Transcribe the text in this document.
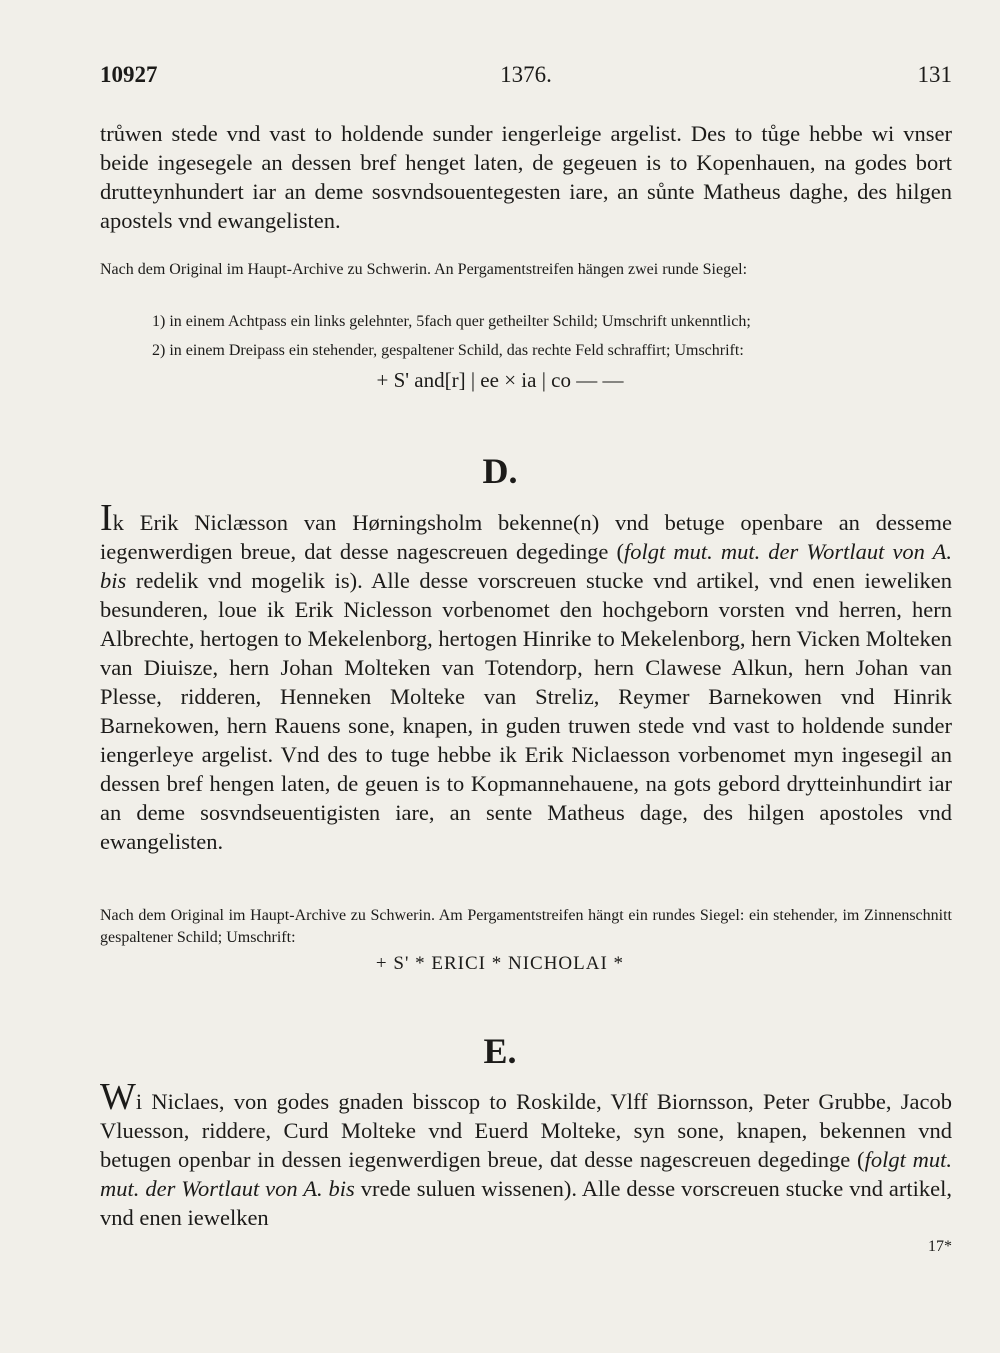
10927	1376.	131
trůwen stede vnd vast to holdende sunder iengerleige argelist. Des to tůge hebbe wi vnser beide ingesegele an dessen bref henget laten, de gegeuen is to Kopenhauen, na godes bort drutteynhundert iar an deme sosvndsouentegesten iare, an sůnte Matheus daghe, des hilgen apostels vnd ewangelisten.
Nach dem Original im Haupt-Archive zu Schwerin. An Pergamentstreifen hängen zwei runde Siegel:
1) in einem Achtpass ein links gelehnter, 5fach quer getheilter Schild; Umschrift unkenntlich;
2) in einem Dreipass ein stehender, gespaltener Schild, das rechte Feld schraffirt; Umschrift:
+ S' and[r] | ee × ia | co — —
D.

Ik Erik Niclæsson van Hørningsholm bekenne(n) vnd betuge openbare an desseme iegenwerdigen breue, dat desse nagescreuen degedinge (folgt mut. mut. der Wortlaut von A. bis redelik vnd mogelik is). Alle desse vorscreuen stucke vnd artikel, vnd enen ieweliken besunderen, loue ik Erik Niclesson vorbenomet den hochgeborn vorsten vnd herren, hern Albrechte, hertogen to Mekelenborg, hertogen Hinrike to Mekelenborg, hern Vicken Molteken van Diuisze, hern Johan Molteken van Totendorp, hern Clawese Alkun, hern Johan van Plesse, ridderen, Henneken Molteke van Streliz, Reymer Barnekowen vnd Hinrik Barnekowen, hern Rauens sone, knapen, in guden truwen stede vnd vast to holdende sunder iengerleye argelist. Vnd des to tuge hebbe ik Erik Niclaesson vorbenomet myn ingesegil an dessen bref hengen laten, de geuen is to Kopmannehauene, na gots gebord drytteinhundirt iar an deme sosvndseuentigisten iare, an sente Matheus dage, des hilgen apostoles vnd ewangelisten.

Nach dem Original im Haupt-Archive zu Schwerin. Am Pergamentstreifen hängt ein rundes Siegel: ein stehender, im Zinnenschnitt gespaltener Schild; Umschrift:
+ S' * ERICI * NICHOLAI *
E.

Wi Niclaes, von godes gnaden bisscop to Roskilde, Vlff Biornsson, Peter Grubbe, Jacob Vluesson, riddere, Curd Molteke vnd Euerd Molteke, syn sone, knapen, bekennen vnd betugen openbar in dessen iegenwerdigen breue, dat desse nagescreuen degedinge (folgt mut. mut. der Wortlaut von A. bis vrede suluen wissenen). Alle desse vorscreuen stucke vnd artikel, vnd enen iewelken

17*
